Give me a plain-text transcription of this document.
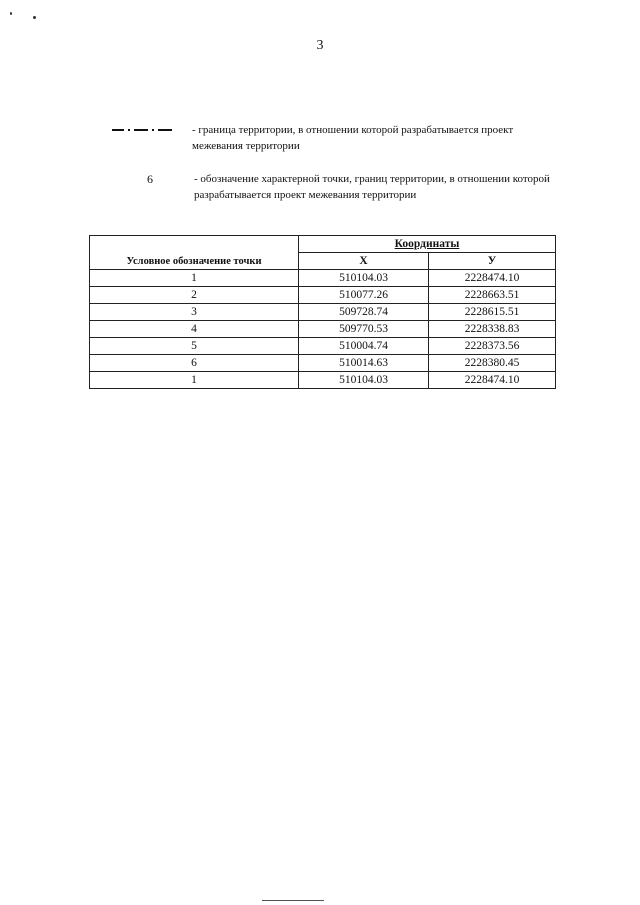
3
- граница территории, в отношении которой разрабатывается проект межевания территории
6	- обозначение характерной точки, границ территории, в отношении которой разрабатывается проект межевания территории
Условное обозначение точки	Координаты	
	Х	У
1	510104.03	2228474.10
2	510077.26	2228663.51
3	509728.74	2228615.51
4	509770.53	2228338.83
5	510004.74	2228373.56
6	510014.63	2228380.45
1	510104.03	2228474.10
